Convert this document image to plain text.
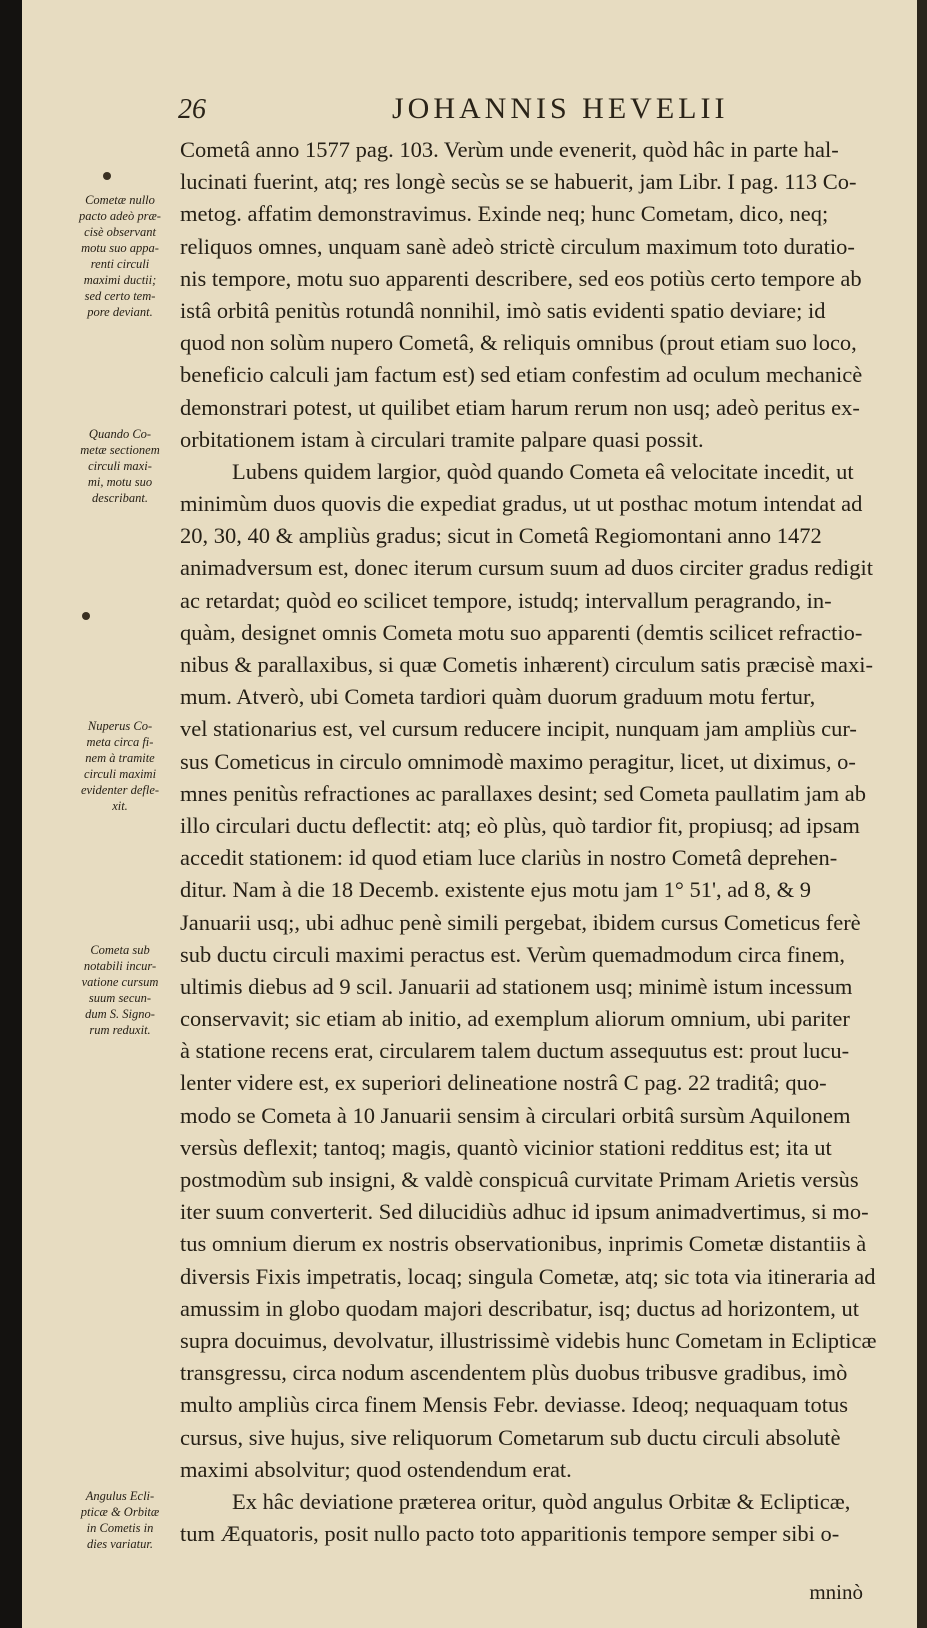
26	JOHANNIS HEVELII
Cometæ nullo
pacto adeò præ-
cisè observant
motu suo appa-
renti circuli
maximi ductii;
sed certo tem-
pore deviant.
Quando Co-
metæ sectionem
circuli maxi-
mi, motu suo
describant.
Nuperus Co-
meta circa fi-
nem à tramite
circuli maximi
evidenter defle-
xit.
Cometa sub
notabili incur-
vatione cursum
suum secun-
dum S. Signo-
rum reduxit.
Angulus Ecli-
pticæ & Orbitæ
in Cometis in
dies variatur.
Cometâ anno 1577 pag. 103. Verùm unde evenerit, quòd hâc in parte hal-
lucinati fuerint, atq; res longè secùs se se habuerit, jam Libr. I pag. 113 Co-
metog. affatim demonstravimus. Exinde neq; hunc Cometam, dico, neq;
reliquos omnes, unquam sanè adeò strictè circulum maximum toto duratio-
nis tempore, motu suo apparenti describere, sed eos potiùs certo tempore ab
istâ orbitâ penitùs rotundâ nonnihil, imò satis evidenti spatio deviare; id
quod non solùm nupero Cometâ, & reliquis omnibus (prout etiam suo loco,
beneficio calculi jam factum est) sed etiam confestim ad oculum mechanicè
demonstrari potest, ut quilibet etiam harum rerum non usq; adeò peritus ex-
orbitationem istam à circulari tramite palpare quasi possit.
Lubens quidem largior, quòd quando Cometa eâ velocitate incedit, ut
minimùm duos quovis die expediat gradus, ut ut posthac motum intendat ad
20, 30, 40 & ampliùs gradus; sicut in Cometâ Regiomontani anno 1472
animadversum est, donec iterum cursum suum ad duos circiter gradus redigit
ac retardat; quòd eo scilicet tempore, istudq; intervallum peragrando, in-
quàm, designet omnis Cometa motu suo apparenti (demtis scilicet refractio-
nibus & parallaxibus, si quæ Cometis inhærent) circulum satis præcisè maxi-
mum. Atverò, ubi Cometa tardiori quàm duorum graduum motu fertur,
vel stationarius est, vel cursum reducere incipit, nunquam jam ampliùs cur-
sus Cometicus in circulo omnimodè maximo peragitur, licet, ut diximus, o-
mnes penitùs refractiones ac parallaxes desint; sed Cometa paullatim jam ab
illo circulari ductu deflectit: atq; eò plùs, quò tardior fit, propiusq; ad ipsam
accedit stationem: id quod etiam luce clariùs in nostro Cometâ deprehen-
ditur. Nam à die 18 Decemb. existente ejus motu jam 1° 51', ad 8, & 9
Januarii usq;, ubi adhuc penè simili pergebat, ibidem cursus Cometicus ferè
sub ductu circuli maximi peractus est. Verùm quemadmodum circa finem,
ultimis diebus ad 9 scil. Januarii ad stationem usq; minimè istum incessum
conservavit; sic etiam ab initio, ad exemplum aliorum omnium, ubi pariter
à statione recens erat, circularem talem ductum assequutus est: prout lucu-
lenter videre est, ex superiori delineatione nostrâ C pag. 22 traditâ; quo-
modo se Cometa à 10 Januarii sensim à circulari orbitâ sursùm Aquilonem
versùs deflexit; tantoq; magis, quantò vicinior stationi redditus est; ita ut
postmodùm sub insigni, & valdè conspicuâ curvitate Primam Arietis versùs
iter suum converterit. Sed dilucidiùs adhuc id ipsum animadvertimus, si mo-
tus omnium dierum ex nostris observationibus, inprimis Cometæ distantiis à
diversis Fixis impetratis, locaq; singula Cometæ, atq; sic tota via itineraria ad
amussim in globo quodam majori describatur, isq; ductus ad horizontem, ut
supra docuimus, devolvatur, illustrissimè videbis hunc Cometam in Eclipticæ
transgressu, circa nodum ascendentem plùs duobus tribusve gradibus, imò
multo ampliùs circa finem Mensis Febr. deviasse. Ideoq; nequaquam totus
cursus, sive hujus, sive reliquorum Cometarum sub ductu circuli absolutè
maximi absolvitur; quod ostendendum erat.
Ex hâc deviatione præterea oritur, quòd angulus Orbitæ & Eclipticæ,
tum Æquatoris, posit nullo pacto toto apparitionis tempore semper sibi o-
mninò
